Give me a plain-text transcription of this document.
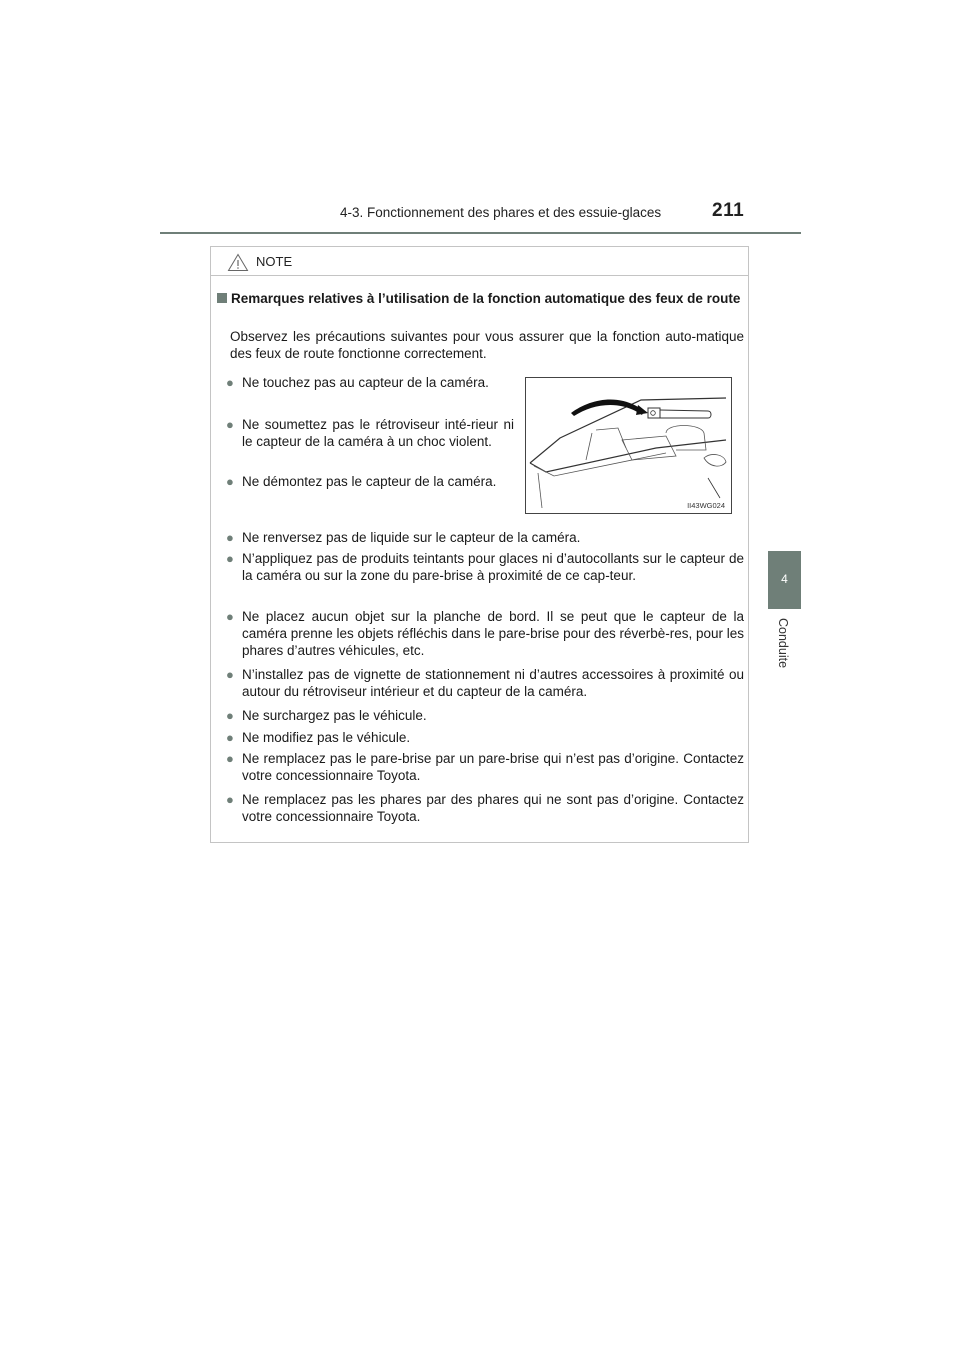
4-3. Fonctionnement des phares et des essuie-glaces	211
4
Conduite
NOTE
Remarques relatives à l’utilisation de la fonction automatique des feux de route
Observez les précautions suivantes pour vous assurer que la fonction auto-matique des feux de route fonctionne correctement.
● Ne touchez pas au capteur de la caméra.
● Ne soumettez pas le rétroviseur inté-rieur ni le capteur de la caméra à un choc violent.
● Ne démontez pas le capteur de la caméra.
II43WG024
● Ne renversez pas de liquide sur le capteur de la caméra.
● N’appliquez pas de produits teintants pour glaces ni d’autocollants sur le capteur de la caméra ou sur la zone du pare-brise à proximité de ce cap-teur.
● Ne placez aucun objet sur la planche de bord. Il se peut que le capteur de la caméra prenne les objets réfléchis dans le pare-brise pour des réverbè-res, pour les phares d’autres véhicules, etc.
● N’installez pas de vignette de stationnement ni d’autres accessoires à proximité ou autour du rétroviseur intérieur et du capteur de la caméra.
● Ne surchargez pas le véhicule.
● Ne modifiez pas le véhicule.
● Ne remplacez pas le pare-brise par un pare-brise qui n’est pas d’origine. Contactez votre concessionnaire Toyota.
● Ne remplacez pas les phares par des phares qui ne sont pas d’origine. Contactez votre concessionnaire Toyota.
